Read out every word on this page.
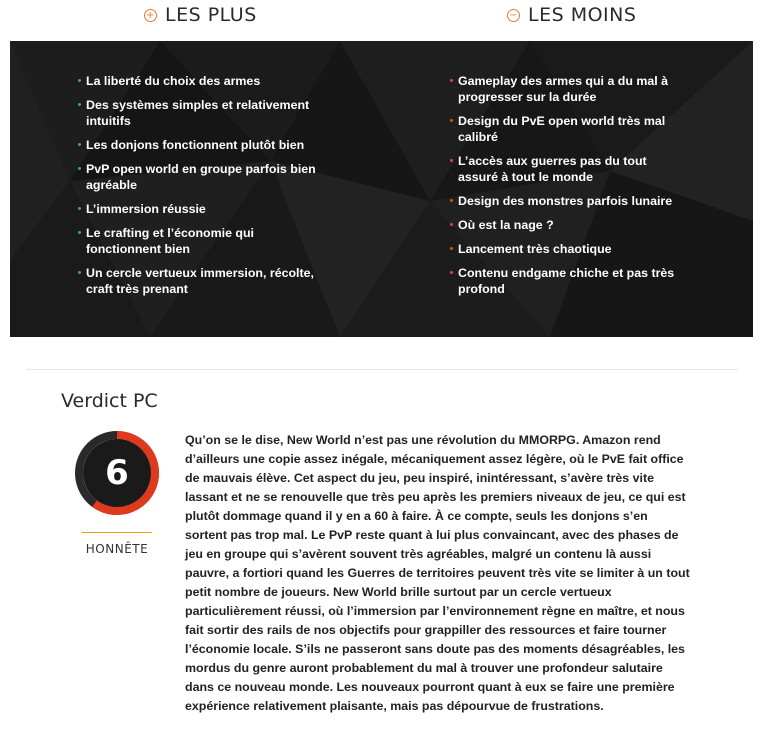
+ LES PLUS	− LES MOINS
La liberté du choix des armes
Des systèmes simples et relativement intuitifs
Les donjons fonctionnent plutôt bien
PvP open world en groupe parfois bien agréable
L’immersion réussie
Le crafting et l’économie qui fonctionnent bien
Un cercle vertueux immersion, récolte, craft très prenant
Gameplay des armes qui a du mal à progresser sur la durée
Design du PvE open world très mal calibré
L’accès aux guerres pas du tout assuré à tout le monde
Design des monstres parfois lunaire
Où est la nage ?
Lancement très chaotique
Contenu endgame chiche et pas très profond
Verdict PC
6
HONNÊTE

Qu’on se le dise, New World n’est pas une révolution du MMORPG. Amazon rend d’ailleurs une copie assez inégale, mécaniquement assez légère, où le PvE fait office de mauvais élève. Cet aspect du jeu, peu inspiré, inintéressant, s’avère très vite lassant et ne se renouvelle que très peu après les premiers niveaux de jeu, ce qui est plutôt dommage quand il y en a 60 à faire. À ce compte, seuls les donjons s’en sortent pas trop mal. Le PvP reste quant à lui plus convaincant, avec des phases de jeu en groupe qui s’avèrent souvent très agréables, malgré un contenu là aussi pauvre, a fortiori quand les Guerres de territoires peuvent très vite se limiter à un tout petit nombre de joueurs. New World brille surtout par un cercle vertueux particulièrement réussi, où l’immersion par l’environnement règne en maître, et nous fait sortir des rails de nos objectifs pour grappiller des ressources et faire tourner l’économie locale. S’ils ne passeront sans doute pas des moments désagréables, les mordus du genre auront probablement du mal à trouver une profondeur salutaire dans ce nouveau monde. Les nouveaux pourront quant à eux se faire une première expérience relativement plaisante, mais pas dépourvue de frustrations.
